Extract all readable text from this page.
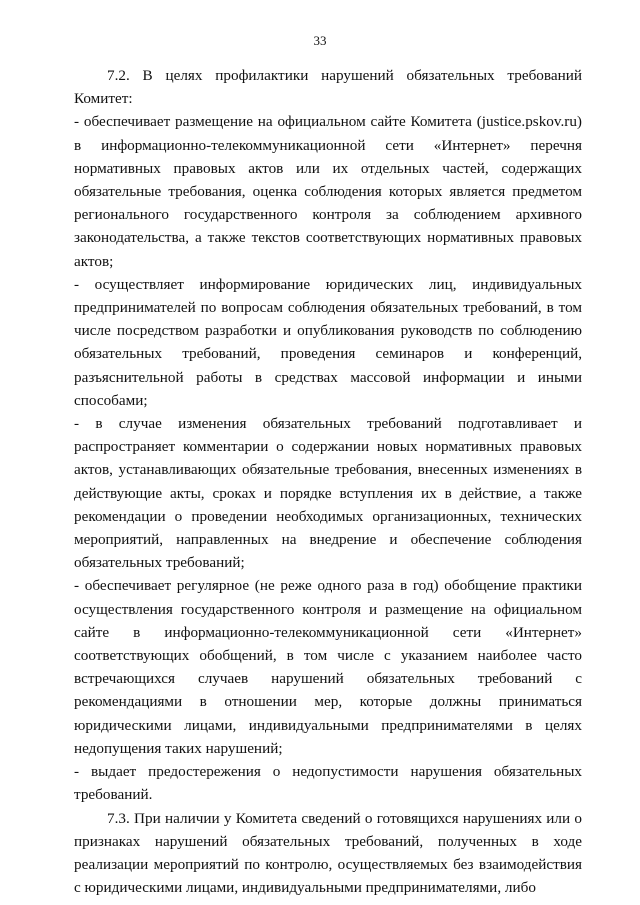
33

7.2. В целях профилактики нарушений обязательных требований Комитет:

- обеспечивает размещение на официальном сайте Комитета (justice.pskov.ru) в информационно-телекоммуникационной сети «Интернет» перечня нормативных правовых актов или их отдельных частей, содержащих обязательные требования, оценка соблюдения которых является предметом регионального государственного контроля за соблюдением архивного законодательства, а также текстов соответствующих нормативных правовых актов;

- осуществляет информирование юридических лиц, индивидуальных предпринимателей по вопросам соблюдения обязательных требований, в том числе посредством разработки и опубликования руководств по соблюдению обязательных требований, проведения семинаров и конференций, разъяснительной работы в средствах массовой информации и иными способами;

- в случае изменения обязательных требований подготавливает и распространяет комментарии о содержании новых нормативных правовых актов, устанавливающих обязательные требования, внесенных изменениях в действующие акты, сроках и порядке вступления их в действие, а также рекомендации о проведении необходимых организационных, технических мероприятий, направленных на внедрение и обеспечение соблюдения обязательных требований;

- обеспечивает регулярное (не реже одного раза в год) обобщение практики осуществления государственного контроля и размещение на официальном сайте в информационно-телекоммуникационной сети «Интернет» соответствующих обобщений, в том числе с указанием наиболее часто встречающихся случаев нарушений обязательных требований с рекомендациями в отношении мер, которые должны приниматься юридическими лицами, индивидуальными предпринимателями в целях недопущения таких нарушений;

- выдает предостережения о недопустимости нарушения обязательных требований.

7.3. При наличии у Комитета сведений о готовящихся нарушениях или о признаках нарушений обязательных требований, полученных в ходе реализации мероприятий по контролю, осуществляемых без взаимодействия с юридическими лицами, индивидуальными предпринимателями, либо
